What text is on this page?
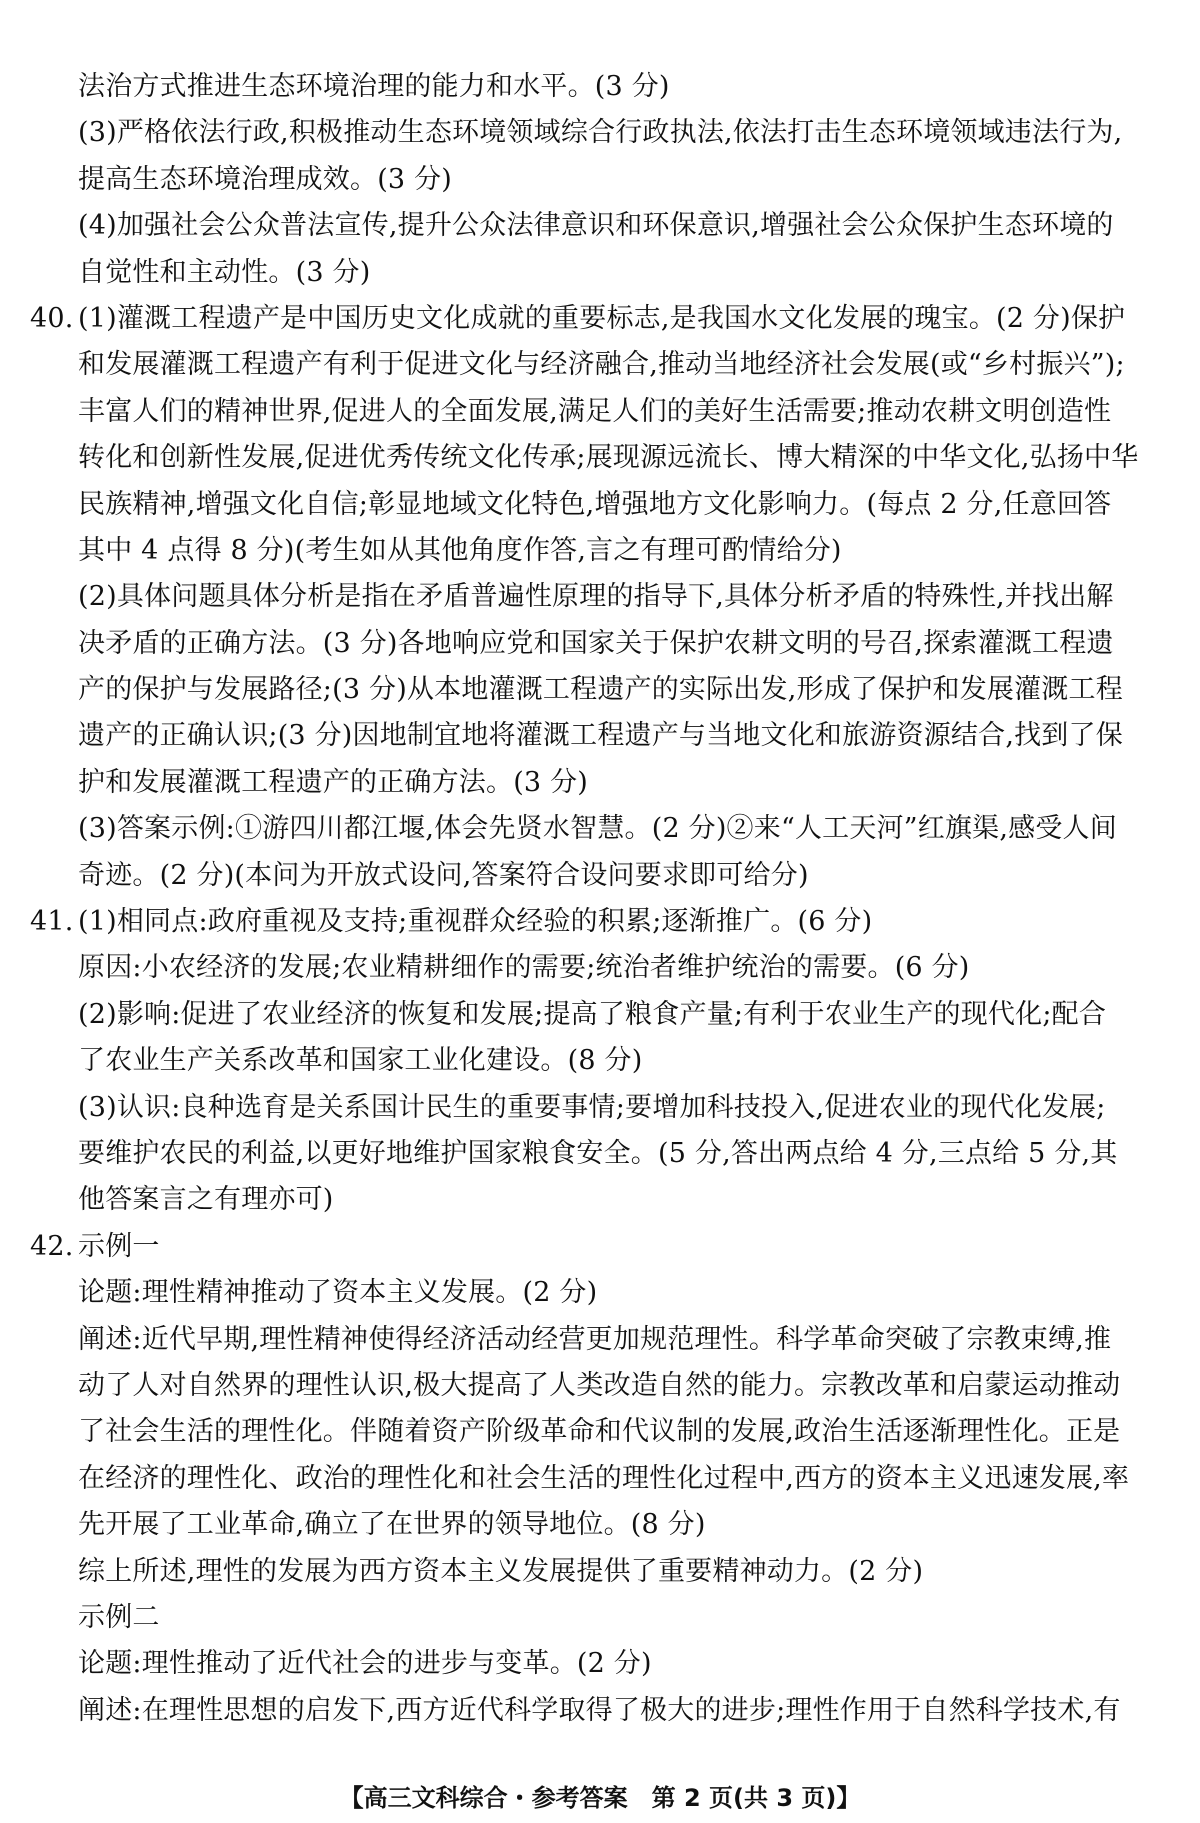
法治方式推进生态环境治理的能力和水平。(3 分)
(3)严格依法行政,积极推动生态环境领域综合行政执法,依法打击生态环境领域违法行为,
提高生态环境治理成效。(3 分)
(4)加强社会公众普法宣传,提升公众法律意识和环保意识,增强社会公众保护生态环境的
自觉性和主动性。(3 分)
40. (1)灌溉工程遗产是中国历史文化成就的重要标志,是我国水文化发展的瑰宝。(2 分)保护
和发展灌溉工程遗产有利于促进文化与经济融合,推动当地经济社会发展(或“乡村振兴”);
丰富人们的精神世界,促进人的全面发展,满足人们的美好生活需要;推动农耕文明创造性
转化和创新性发展,促进优秀传统文化传承;展现源远流长、博大精深的中华文化,弘扬中华
民族精神,增强文化自信;彰显地域文化特色,增强地方文化影响力。(每点 2 分,任意回答
其中 4 点得 8 分)(考生如从其他角度作答,言之有理可酌情给分)
(2)具体问题具体分析是指在矛盾普遍性原理的指导下,具体分析矛盾的特殊性,并找出解
决矛盾的正确方法。(3 分)各地响应党和国家关于保护农耕文明的号召,探索灌溉工程遗
产的保护与发展路径;(3 分)从本地灌溉工程遗产的实际出发,形成了保护和发展灌溉工程
遗产的正确认识;(3 分)因地制宜地将灌溉工程遗产与当地文化和旅游资源结合,找到了保
护和发展灌溉工程遗产的正确方法。(3 分)
(3)答案示例:①游四川都江堰,体会先贤水智慧。(2 分)②来“人工天河”红旗渠,感受人间
奇迹。(2 分)(本问为开放式设问,答案符合设问要求即可给分)
41. (1)相同点:政府重视及支持;重视群众经验的积累;逐渐推广。(6 分)
原因:小农经济的发展;农业精耕细作的需要;统治者维护统治的需要。(6 分)
(2)影响:促进了农业经济的恢复和发展;提高了粮食产量;有利于农业生产的现代化;配合
了农业生产关系改革和国家工业化建设。(8 分)
(3)认识:良种选育是关系国计民生的重要事情;要增加科技投入,促进农业的现代化发展;
要维护农民的利益,以更好地维护国家粮食安全。(5 分,答出两点给 4 分,三点给 5 分,其
他答案言之有理亦可)
42. 示例一
论题:理性精神推动了资本主义发展。(2 分)
阐述:近代早期,理性精神使得经济活动经营更加规范理性。科学革命突破了宗教束缚,推
动了人对自然界的理性认识,极大提高了人类改造自然的能力。宗教改革和启蒙运动推动
了社会生活的理性化。伴随着资产阶级革命和代议制的发展,政治生活逐渐理性化。正是
在经济的理性化、政治的理性化和社会生活的理性化过程中,西方的资本主义迅速发展,率
先开展了工业革命,确立了在世界的领导地位。(8 分)
综上所述,理性的发展为西方资本主义发展提供了重要精神动力。(2 分)
示例二
论题:理性推动了近代社会的进步与变革。(2 分)
阐述:在理性思想的启发下,西方近代科学取得了极大的进步;理性作用于自然科学技术,有
【高三文科综合・参考答案　第 2 页(共 3 页)】
